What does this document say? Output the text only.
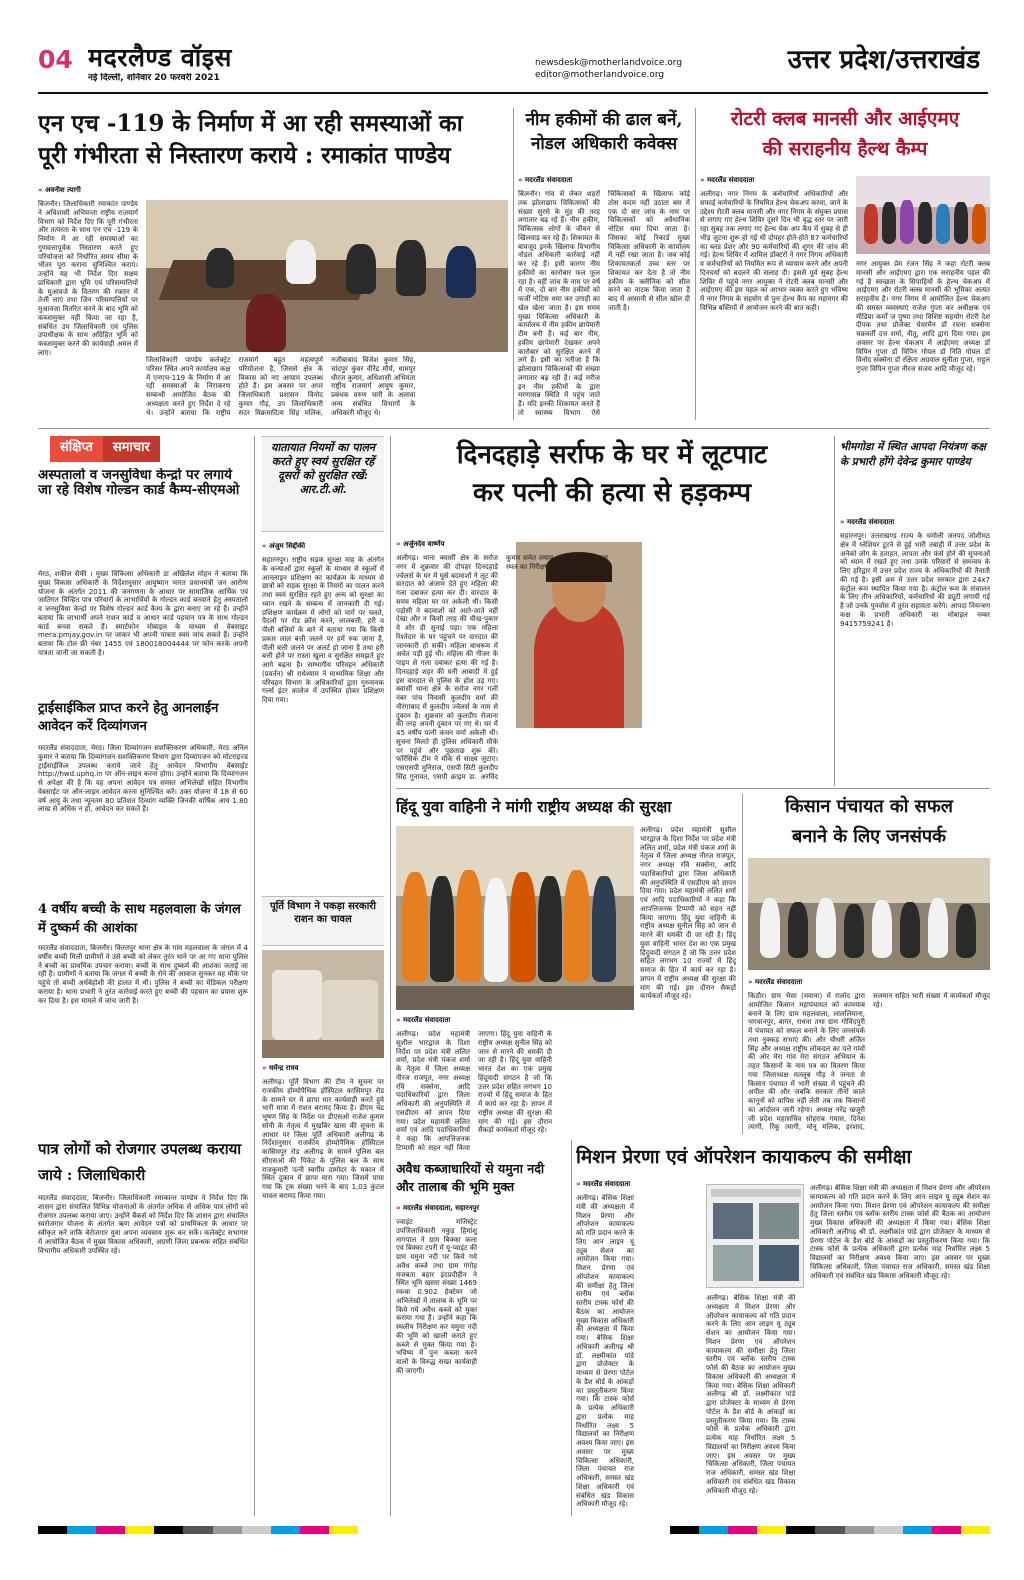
04 मदरलैण्ड वॉइस
नई दिल्ली, शनिवार 20 फरवरी 2021
newsdesk@motherlandvoice.org
editor@motherlandvoice.org	उत्तर प्रदेश/उत्तराखंड
एन एच -119 के निर्माण में आ रही समस्याओं का
पूरी गंभीरता से निस्तारण कराये : रमाकांत पाण्डेय
» अवनीश त्यागी
बिजनौर। जिलाधिकारी रमाकांत पाण्डेय ने अधिशासी अभियन्ता राष्ट्रीय राजमार्ग विभाग को निर्देश दिए कि पूरी गंभीरता और तत्परता के साथ एन एच -119 के निर्माण में आ रही समस्याओं का गुणवत्तापूर्वक निस्तारण करते हुए परियोजना को निर्धारित समय सीमा के भीतर पूरा कराना सुनिश्चित कराएं। उन्होंने यह भी निर्देश दिए सक्षम प्राधिकारी द्वारा भूमि एवं परिसम्पत्तियों के मुआवजे के वितरण की रफ्तार में तेजी लाएं तथा जिन परिसम्पत्तियों पर मुआवजा वितरित करने के बाद भूमि को कब्जामुक्त नहीं किया जा रहा है, संबंधित उप जिलाधिकारी एवं पुलिस उपाधीक्षक के साथ अग्रिहित भूमि को कब्जामुक्त करने की कार्यवाही अमल में लाएं।
जिलाधिकारी पाण्डेय कलेक्ट्रेट परिसर स्थित अपने कार्यालय कक्ष में एनएच-119 के निर्माण में आ रही समस्याओं के निराकरण सम्बन्धी आयोजित बैठक की अध्यक्षता करते हुए निर्देश दे रहे थे। उन्होंने बताया कि राष्ट्रीय राजमार्ग बहुत महत्वपूर्ण परियोजना है, जिससे क्षेत्र के विकास को नए आयाम उपलब्ध होते हैं। इस अवसर पर अपर जिलाधिकारी प्रशासन विनोद कुमार गौड़, उप जिलाधिकारी सदर विक्रमादित्य सिंह मलिक, नजीबाबाद बिजेश कुमार सिंह, चांदपुर कुंवर वीरेंद्र मौर्य, धामपुर धीरज कुमार, अधिशासी अभियंता राष्ट्रीय राजमार्ग आयुष कुमार, प्रबंधक वरुण चारी के अलावा अन्य संबंधित विभागों के अधिकारी मौजूद थे।
नीम हकीमों की ढाल बनें,
नोडल अधिकारी कवेक्स
» मदरलैंड संवाददाता
बिजनौर। गांव से लेकर शहरों तक झोलाछाप चिकित्सकों की संख्या सुरसे के मुंह की तरह लगातार बढ़ रहे हैं। नीम हकीम, चिकित्सक लोगों के जीवन से खिलवाड़ कर रहे हैं। शिकायत के बावजूद इनके खिलाफ विभागीय नोडल अधिकारी कार्रवाई नहीं कर रहे हैं। इसी कारण नीम हकीमों का कारोबार फल फूल रहा है। वहीं जांच के नाम पर वर्ष में एक, दो बार नीम हकीमों को फर्जी नोटिस थमा कर उगाही का खेल खेला जाता है। इस समय मुख्य चिकित्सा अधिकारी के कार्यालय में नीम हकीम छापेमारी टीम बनी है। कई बार नीम, हकीम छापेमारी देखकर अपने कारोबार को सुरक्षित करने में लगे हैं। इसी का नतीजा है कि झोलाछाप चिकित्सकों की संख्या लगातार बढ़ रही है। कई मरीज इन नीम हकीमों के द्वारा मरणासन्न स्थिति में पहुंच जाते हैं। यदि इनकी शिकायत करते हैं तो स्वास्थ्य विभाग ऐसे चिकित्सकों के खिलाफ कोई ठोस कदम नहीं उठाता बस में एक दो बार जांच के नाम पर चिकित्सकों को अवैधानिक नोटिस थमा दिया जाता है। जिसका कोई रिकार्ड मुख्य चिकित्सा अधिकारी के कार्यालय में नहीं रखा जाता है। जब कोई शिकायतकर्ता उच्च स्तर पर शिकायत कर देता है तो नीम हकीम के क्लीनिक को सील करने का नाटक किया जाता है बाद में आसानी से सील खोल दी जाती है।
रोटरी क्लब मानसी और आईएमए
की सराहनीय हैल्थ कैम्प
» मदरलैंड संवाददाता
अलीगढ़। नगर निगम के कर्मचारियों अधिकारियों और सफाई कर्मचारियों के नियमित हेल्थ चेकअप करवा, जाने के उद्देश्य रोटरी क्लब मानसी और नगर निगम के संयुक्त प्रयास से लगाए गए हेल्थ शिविर दूसरे दिन भी वृद्ध स्तर पर जारी रहा सुबह तक लगाए गए हेल्थ चेक अप कैंप में सुबह से ही भीड़ जुटना शुरू हो गई थी दोपहर होते-होते 87 कर्मचारियों का ब्लड प्रेशर और 90 कर्मचारियों की शुगर की जांच की गई। हेल्थ शिविर में शामिल डॉक्टरों ने नगर निगम अधिकारी व कर्मचारियों को नियमित रूप से व्यायाम करने और अपनी दिनचर्या को बदलने की सलाह दी। इससे पूर्व सुबह हेल्थ शिविर में पहुंचे नगर आयुक्त ने रोटरी क्लब मानसी और आईएमए की इस पहल का आभार व्यक्त करते हुए भविष्य में नगर निगम के सहयोग से पुनः हेल्थ कैंप का महानगर की विभिन्न बस्तियों में आयोजन करने की बात कही।
नगर आयुक्त प्रेम रंजन सिंह ने कहा रोटरी क्लब मानसी और आईएमए द्वारा एक सराहनीय पहल की गई है स्वच्छता के सिपाहियों के हेल्थ चेकअप में आईएमए और रोटरी क्लब मानसी की भूमिका अत्यंत सराहनीय है। नगर निगम में आयोजित हेल्थ चेकअप की समस्त व्यवस्थाएं राजेश गुप्ता कर अधीक्षक एवं मीडिया कर्मों ज पुष्पा तथा विशिष्ट सहयोग रोटरी देश दीपक तथा प्रोजेक्ट चेयरमैन डॉ रचना सक्सेना चक्रवर्ती दत्त शर्मा, नीतू, आदि द्वारा दिया गया। इस अवसर पर हेल्थ चेकअप में आईएमए अध्यक्ष डॉ विपिन गुप्ता डॉ विपिन गोयल डॉ निति गोयल डॉ विनोद सक्सेना डॉ रक्षिता अग्रवाल सुनीता गुप्ता, राहुल गुप्ता विपिन गुप्ता नीरज संजय आदि मौजूद रहे।
संक्षिप्त	समाचार
अस्पतालो व जनसुविधा केन्द्रो पर लगाये जा रहे विशेष गोल्डन कार्ड कैम्प-सीएमओ
मेरठ, शकील सैफी । मुख्य चिकित्सा अधिकारी डा अखिलेश मोहन ने बताया कि मुख्य विकास अधिकारी के निर्देशानुसार आयुष्मान भारत प्रधानमंत्री जन आरोग्य योजना के अंतर्गत 2011 की जनगणना के आधार पर सामाजिक आर्थिक एवं जातिगत चिन्हित पात्र परिवारों के लाभार्थियों के गोल्डन कार्ड बनवाने हेतु अस्पतालो व जनसुविधा केन्द्रो पर विशेष गोल्डन कार्ड कैम्प के द्वारा बनाए जा रहे हैं। उन्होंने बताया कि लाभार्थी अपने राशन कार्ड व आधार कार्ड पहचान पत्र के साथ गोल्डन कार्ड बनवा सकते हैं। स्मार्टफोन मोबाइल के माध्यम से वेबसाइट mera.pmjay.gov.in पर जाकर भी अपनी पात्रता स्वयं जांच सकते हैं। उन्होंने बताया कि टोल फ्री नंबर 1455 एवं 180018004444 पर फोन करके अपनी पात्रता जानी जा सकती है।
ट्राईसाईकिल प्राप्त करने हेतु आनलाईन आवेदन करें दिव्यांगजन
मदरलैंड संवाददाता, मेरठ। जिला दिव्यांगजन सशक्तिकरण अधिकारी, मेरठ अनिल कुमार ने बताया कि दिव्यांगजन सशक्तिकरण विभाग द्वारा दिव्यांगजन को मोटराइज्ड ट्राईसाईकिल उपलब्ध कराये जाने हेतु आवेदन विभागीय वेबसाईट http://hwd.uphq.in पर ऑन-लाइन करना होगा। उन्होंने बताया कि दिव्यांगजन से अपेक्षा की है कि वह अपना आवेदन पत्र समस्त अभिलेखों सहित विभागीय वेबसाईट पर ऑन-लाइन आवेदन करना सुनिश्चित करें। उक्त योजना में 18 से 60 वर्ष आयु के तथा न्यूनतम 80 प्रतिशत दिव्यांग व्यक्ति जिनकी वार्षिक आय 1.80 लाख से अधिक न हो, आवेदन कर सकते हैं।
4 वर्षीय बच्ची के साथ महलवाला के जंगल में दुष्कर्म की आशंका
मदरलैंड संवाददाता, बिजनौर। किरतपुर थाना क्षेत्र के गांव महलवाला के जंगल में 4 वर्षीय बच्ची मिली ग्रामीणों ने उसे बच्ची को लेकर तुरंत थाने पर आ गए थाना पुलिस ने बच्ची का प्राथमिक उपचार कराया। बच्ची के साथ दुष्कर्म की आशंका जताई जा रही है। ग्रामीणों ने बताया कि जंगल में बच्ची के रोने की आवाज सुनकर वह मौके पर पहुंचे तो बच्ची अर्धबेहोशी की हालत में थी। पुलिस ने बच्ची का मेडिकल परीक्षण कराया है। थाना प्रभारी ने तुरंत कार्रवाई करते हुए बच्ची की पहचान का प्रयास शुरू कर दिया है। इस मामले में जांच जारी है।
पात्र लोगों को रोजगार उपलब्ध कराया जाये : जिलाधिकारी
मदरलैंड संवाददाता, बिजनौर। जिलाधिकारी रमाकान्त पाण्डेय ने निर्देश दिए कि शासन द्वारा संचालित विभिन्न योजनाओं के अंतर्गत अधिक से अधिक पात्र लोगों को रोजगार उपलब्ध कराया जाए। उन्होंने बैंकर्स को निर्देश दिए कि शासन द्वारा संचालित स्वरोजगार योजना के अंतर्गत ऋण आवेदन पत्रों को प्राथमिकता के आधार पर स्वीकृत करें ताकि बेरोजगार युवा अपना व्यवसाय शुरू कर सकें। कलेक्ट्रेट सभागार में आयोजित बैठक में मुख्य विकास अधिकारी, अग्रणी जिला प्रबन्धक सहित संबंधित विभागीय अधिकारी उपस्थित रहे।
यातायात नियमों का पालन करते हुए स्वयं सुरक्षित रहें दूसरों को सुरक्षित रखें: आर.टी.ओ.
» अंजुम सिद्दीकी
सहारनपुर। राष्ट्रीय सड़क सुरक्षा माह के अंतर्गत के कन्याओं द्वारा स्कूलों के माध्यम से स्कूलों में आनलाइन प्रशिक्षण का कार्यक्रम के माध्यम से छात्रों को सड़क सुरक्षा के नियमों का पालन करने तथा स्वयं सुरक्षित रहते हुए अन्य को सुरक्षा का ध्यान रखने के सम्बन्ध में जानकारी दी गई। प्रशिक्षण कार्यक्रम में लोगों को मार्ग पर चलते, पैदलों पर रोड क्रॉस करने, लालबत्ती, हरी व पीली बत्तियों के बारे में बताया गया कि किसी प्रकार लाल बत्ती जलने पर हमें रुक जाना है, पीली बत्ती जलने पर अलर्ट हो जाना है तथा हरी बत्ती होने पर रास्ता खुला व सुरक्षित समझते हुए आगे बढ़ना है। सम्भागीय परिवहन अधिकारी (प्रवर्तन) श्री राधेश्याम ने माध्यमिक शिक्षा और परिवहन विभाग के अधिकारियों द्वारा गुरुनानक गर्ल्स इंटर कालेज में उपस्थित होकर प्रशिक्षण दिया गया।
पूर्ति विभाग ने पकड़ा सरकारी राशन का चावल
» धर्मेन्द्र राघव
अलीगढ़। पूर्ति विभाग की टीम ने सूचना पर राजकीय होम्योपैथिक हॉस्पिटल कासिमपुर रोड के सामने घर में छापा मार कार्यवाही करते हुये भारी मात्रा में राशन बरामद किया है। डीएम चंद्र भूषण सिंह के निर्देश पर डीएसओ राजेश कुमार सोनी के नेतृत्व में मुखबिर खास की सूचना के आधार पर जिला पूर्ति अधिकारी अलीगढ़ के निर्देशानुसार राजकीय होम्योपैथिक हॉस्पिटल कासिमपुर रोड अलीगढ़ के सामने पुलिस बल सीएसओ की पिकेट के पुलिस बल के साथ राजकुमारी पत्नी स्वर्गीय दामोदर के मकान में स्थित दुकान में छापा मारा गया। जिसमें पाया गया कि ट्रक संख्या भरने के बाद 1,03 कुंटल चावल बरामद किया गया।
दिनदहाड़े सर्राफ के घर में लूटपाट
कर पत्नी की हत्या से हड़कम्प
» अर्जुनदेव वार्ष्णेय
अलीगढ़। थाना क्वार्सी क्षेत्र के सरोज नगर में शुक्रवार की दोपहर दिनदहाड़े ज्वेलर्स के घर में घुसे बदमाशों ने लूट की वारदात को अंजाम देते हुए महिला की गला दबाकर हत्या कर दी। वारदात के समय महिला घर पर अकेली थी। किसी पड़ोसी ने बदमाशों को आते-जाते नहीं देखा और न किसी तरह की चीख-पुकार ये शोर ही सुनाई पड़ा। एक महिला रिश्तेदार के घर पहुंचने पर वारदात की जानकारी हो सकी। महिला बाथरूम में अचेत पड़ी हुई थी। महिला की गीजर के पाइप से गला दबाकर हत्या की गई है। दिनदहाड़े शहर की घनी आबादी में हुई इस वारदात से पुलिस के होश उड़ गए। क्वार्सी थाना क्षेत्र के सरोज नगर गली नंबर पांच निवासी कुलदीप वर्मा की नौरंगाबाद में कुलदीप ज्वेलर्स के नाम से दुकान है। शुक्रवार को कुलदीप रोजाना की तरह अपनी दुकान पर गए थे। घर में 45 वर्षीय पत्नी कंचन वर्मा अकेली थी। सूचना मिलते ही पुलिस अधिकारी मौके पर पहुंचे और पूछताछ शुरू की। फॉरेंसिक टीम ने मौके से साक्ष्य जुटाए। एसएसपी मुनिराज, एसपी सिटी कुलदीप सिंह गुनावत, एसपी क्राइम डा. अरविंद कुमार समेत तमाम अधिकारियों ने घटना स्थल का निरीक्षण किया।
भीमगोडा में स्थित आपदा नियंत्रण कक्ष के प्रभारी होंगे देवेन्द्र कुमार पाण्डेय
» मदरलैंड संवाददाता
सहारनपुर। उत्तराखण्ड राज्य के चमोली जनपद जोशीमठ क्षेत्र में ग्लेशियर टूटने से हुई भारी तबाही में उत्तर प्रदेश के अनेको लोग के हताहत, लापता और फंसे होने की सूचनाओं को ध्यान में रखते हुए तथा उनके परिवारों से समन्वय के लिए हरिद्वार में उत्तर प्रदेश राज्य के अधिकारियों की तैनाती की गई है। इसी क्रम में उत्तर प्रदेश सरकार द्वारा 24x7 कंट्रोल रूम स्थापित किया गया है। कंट्रोल रूम के संचालन के लिए तीन अधिकारियों, कर्मचारियों की ड्यूटी लगायी गई है जो उनके पुनर्वास में तुरंत सहायता करेंगे। आपदा नियन्त्रण कक्ष के प्रभारी अधिकारी का मोबाइल नम्बर 9415759241 है।
हिंदू युवा वाहिनी ने मांगी राष्ट्रीय अध्यक्ष की सुरक्षा
» मदरलैंड संवाददाता
अलीगढ़। प्रदेश महामंत्री सुशील भारद्वाज के दिशा निर्देश पर प्रदेश मंत्री ललित शर्मा, प्रदेश मंत्री पंकज शर्मा के नेतृत्व में जिला अध्यक्ष नीरज राजपूत, नगर अध्यक्ष रवि सक्सेना, आदि पदाधिकारियों द्वारा जिला अधिकारी की अनुपस्थिति में एसडीएम को ज्ञापन दिया गया। प्रदेश महामंत्री ललित शर्मा एवं आदि पदाधिकारियों ने कहा कि आपत्तिजनक टिप्पणी को सहन नहीं किया जाएगा। हिंदू युवा वाहिनी के राष्ट्रीय अध्यक्ष सुनील सिंह को जान से मारने की धमकी दी जा रही है। हिंदू युवा वाहिनी भारत देश का एक प्रमुख हिंदूवादी संगठन है जो कि उत्तर प्रदेश सहित लगभग 10 राज्यों में हिंदू समाज के हित में कार्य कर रहा है। ज्ञापन में राष्ट्रीय अध्यक्ष की सुरक्षा की मांग की गई। इस दौरान सैकड़ों कार्यकर्ता मौजूद रहे।
अलीगढ़। प्रदेश महामंत्री सुशील भारद्वाज के दिशा निर्देश पर प्रदेश मंत्री ललित शर्मा, प्रदेश मंत्री पंकज शर्मा के नेतृत्व में जिला अध्यक्ष नीरज राजपूत, नगर अध्यक्ष रवि सक्सेना, आदि पदाधिकारियों द्वारा जिला अधिकारी की अनुपस्थिति में एसडीएम को ज्ञापन दिया गया। प्रदेश महामंत्री ललित शर्मा एवं आदि पदाधिकारियों ने कहा कि आपत्तिजनक टिप्पणी को सहन नहीं किया जाएगा। हिंदू युवा वाहिनी के राष्ट्रीय अध्यक्ष सुनील सिंह को जान से मारने की धमकी दी जा रही है। हिंदू युवा वाहिनी भारत देश का एक प्रमुख हिंदूवादी संगठन है जो कि उत्तर प्रदेश सहित लगभग 10 राज्यों में हिंदू समाज के हित में कार्य कर रहा है। ज्ञापन में राष्ट्रीय अध्यक्ष की सुरक्षा की मांग की गई। इस दौरान सैकड़ों कार्यकर्ता मौजूद रहे।
किसान पंचायत को सफल
बनाने के लिए जनसंपर्क
» मदरलैंड संवाददाता
किठौर। ग्राम भैसा (मवाना) में रालोद द्वारा आयोजित किसान महापंचायत को कामयाब बनाने के लिए ग्राम महलवाला, लाललियाना, भगवानपुर, बागर, राधना तथा ग्राम गोविंदपुरी में पंचायत को सफल बनाने के लिए जनसंपर्क तथा नुक्कड़ सभाएं की। और चौधरी अजित सिंह और अध्यक्ष राष्ट्रीय लोकदल का पत्ते गांवों की ओर मेरा गांव मेरा संगठन अभियान के तहत किसानों के नाम पत्र का वितरण किया गया जिलाध्यक्ष मतलूब गौड़ ने जनता से किसान पंचायत में भारी संख्या में पहुंचने की अपील की और जबकि सरकार तीनों काले कानूनों को वापिस नहीं लेती तब तक किसानों का आंदोलन जारी रहेगा। अध्यक्ष नरेंद्र खजूरी जी प्रदेश महासचिव सोहराब गयास, दिनेश त्यागी, रिंकू त्यागी, मोनू मलिक, इरशाद, सलमान सहित भारी संख्या में कार्यकर्ता मौजूद रहे।
अवैध कब्जाधारियों से यमुना नदी और तालाब की भूमि मुक्त
» मदरलैंड संवाददाता, सहारनपुर
ज्वाइंट मजिस्ट्रेट उपजिलाधिकारी नकुड़ हिमांशु नागपाल ने ग्राम बिक्का कला एवं बिक्का टपरी में यू-प्वाइंट की ग्राम यमुना नदी पर किये गये अवैध कब्जे तथा ग्राम गंगोह मजबता बहार इंदप्रदीहीन ने स्थित भूमि खसरा संख्या 1469 रकबा 0.902 हेक्टेयर जो अभिलेखों में तालाब के भूमि पर किये गये अवैध कब्जे को मुक्त कराया गया है। उन्होंने कहा कि स्थलीय निरीक्षण कर यमुना नदी की भूमि को खाली कराते हुए कब्जे से मुक्त किया गया है। भविष्य में पुनः कब्जा करने वालों के विरुद्ध सख्त कार्यवाही की जाएगी।
मिशन प्रेरणा एवं ऑपरेशन कायाकल्प की समीक्षा
» मदरलैंड संवाददाता
अलीगढ़। बेसिक शिक्षा मंत्री की अध्यक्षता में मिशन प्रेरणा और ऑपरेशन कायाकल्प को गति प्रदान करने के लिए आन लाइन यू ट्यूब सेशन का आयोजन किया गया। मिशन प्रेरणा एवं ऑपरेशन कायाकल्प की समीक्षा हेतु जिला स्तरीय एवं ब्लॉक स्तरीय टास्क फोर्स की बैठक का आयोजन मुख्य विकास अधिकारी की अध्यक्षता में किया गया। बेसिक शिक्षा अधिकारी अलीगढ़ श्री डॉ. लक्ष्मीकांत पांडे द्वारा प्रोजेक्टर के माध्यम से प्रेरणा पोर्टल के डैश बोर्ड के आंकड़ों का प्रस्तुतीकरण किया गया। कि टास्क फोर्स के प्रत्येक अधिकारी द्वारा प्रत्येक माह निर्धारित लक्ष्य 5 विद्यालयों का निरीक्षण अवश्य किया जाए। इस अवसर पर मुख्य चिकित्सा अधिकारी, जिला पंचायत राज अधिकारी, समस्त खंड शिक्षा अधिकारी एवं संबंधित खंड विकास अधिकारी मौजूद रहे।
अलीगढ़। बेसिक शिक्षा मंत्री की अध्यक्षता में मिशन प्रेरणा और ऑपरेशन कायाकल्प को गति प्रदान करने के लिए आन लाइन यू ट्यूब सेशन का आयोजन किया गया। मिशन प्रेरणा एवं ऑपरेशन कायाकल्प की समीक्षा हेतु जिला स्तरीय एवं ब्लॉक स्तरीय टास्क फोर्स की बैठक का आयोजन मुख्य विकास अधिकारी की अध्यक्षता में किया गया। बेसिक शिक्षा अधिकारी अलीगढ़ श्री डॉ. लक्ष्मीकांत पांडे द्वारा प्रोजेक्टर के माध्यम से प्रेरणा पोर्टल के डैश बोर्ड के आंकड़ों का प्रस्तुतीकरण किया गया। कि टास्क फोर्स के प्रत्येक अधिकारी द्वारा प्रत्येक माह निर्धारित लक्ष्य 5 विद्यालयों का निरीक्षण अवश्य किया जाए। इस अवसर पर मुख्य चिकित्सा अधिकारी, जिला पंचायत राज अधिकारी, समस्त खंड शिक्षा अधिकारी एवं संबंधित खंड विकास अधिकारी मौजूद रहे।
अलीगढ़। बेसिक शिक्षा मंत्री की अध्यक्षता में मिशन प्रेरणा और ऑपरेशन कायाकल्प को गति प्रदान करने के लिए आन लाइन यू ट्यूब सेशन का आयोजन किया गया। मिशन प्रेरणा एवं ऑपरेशन कायाकल्प की समीक्षा हेतु जिला स्तरीय एवं ब्लॉक स्तरीय टास्क फोर्स की बैठक का आयोजन मुख्य विकास अधिकारी की अध्यक्षता में किया गया। बेसिक शिक्षा अधिकारी अलीगढ़ श्री डॉ. लक्ष्मीकांत पांडे द्वारा प्रोजेक्टर के माध्यम से प्रेरणा पोर्टल के डैश बोर्ड के आंकड़ों का प्रस्तुतीकरण किया गया। कि टास्क फोर्स के प्रत्येक अधिकारी द्वारा प्रत्येक माह निर्धारित लक्ष्य 5 विद्यालयों का निरीक्षण अवश्य किया जाए। इस अवसर पर मुख्य चिकित्सा अधिकारी, जिला पंचायत राज अधिकारी, समस्त खंड शिक्षा अधिकारी एवं संबंधित खंड विकास अधिकारी मौजूद रहे।
